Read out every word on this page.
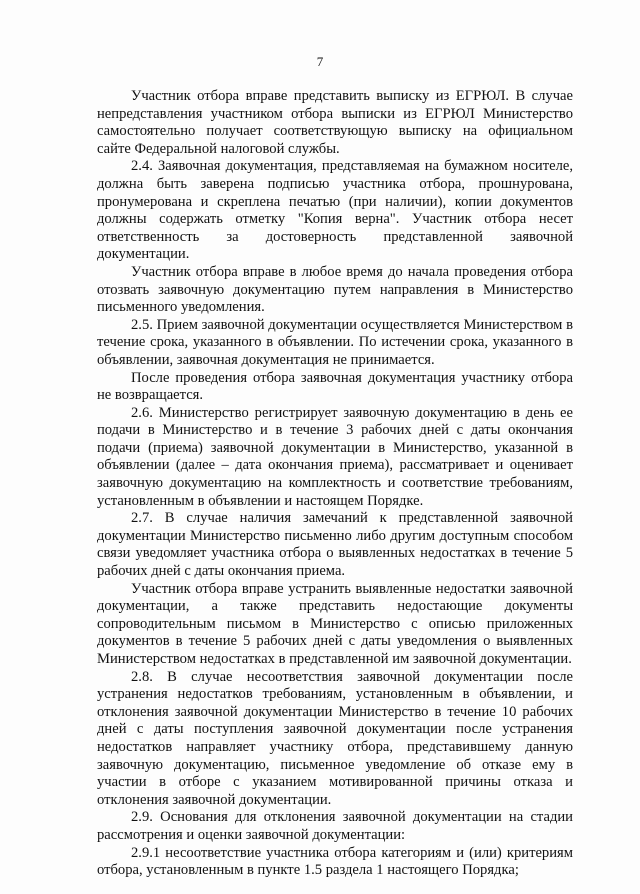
7

Участник отбора вправе представить выписку из ЕГРЮЛ. В случае непредставления участником отбора выписки из ЕГРЮЛ Министерство самостоятельно получает соответствующую выписку на официальном сайте Федеральной налоговой службы.

2.4. Заявочная документация, представляемая на бумажном носителе, должна быть заверена подписью участника отбора, прошнурована, пронумерована и скреплена печатью (при наличии), копии документов должны содержать отметку "Копия верна". Участник отбора несет ответственность за достоверность представленной заявочной документации.

Участник отбора вправе в любое время до начала проведения отбора отозвать заявочную документацию путем направления в Министерство письменного уведомления.

2.5. Прием заявочной документации осуществляется Министерством в течение срока, указанного в объявлении. По истечении срока, указанного в объявлении, заявочная документация не принимается.

После проведения отбора заявочная документация участнику отбора не возвращается.

2.6. Министерство регистрирует заявочную документацию в день ее подачи в Министерство и в течение 3 рабочих дней с даты окончания подачи (приема) заявочной документации в Министерство, указанной в объявлении (далее – дата окончания приема), рассматривает и оценивает заявочную документацию на комплектность и соответствие требованиям, установленным в объявлении и настоящем Порядке.

2.7. В случае наличия замечаний к представленной заявочной документации Министерство письменно либо другим доступным способом связи уведомляет участника отбора о выявленных недостатках в течение 5 рабочих дней с даты окончания приема.

Участник отбора вправе устранить выявленные недостатки заявочной документации, а также представить недостающие документы сопроводительным письмом в Министерство с описью приложенных документов в течение 5 рабочих дней с даты уведомления о выявленных Министерством недостатках в представленной им заявочной документации.

2.8. В случае несоответствия заявочной документации после устранения недостатков требованиям, установленным в объявлении, и отклонения заявочной документации Министерство в течение 10 рабочих дней с даты поступления заявочной документации после устранения недостатков направляет участнику отбора, представившему данную заявочную документацию, письменное уведомление об отказе ему в участии в отборе с указанием мотивированной причины отказа и отклонения заявочной документации.

2.9. Основания для отклонения заявочной документации на стадии рассмотрения и оценки заявочной документации:

2.9.1 несоответствие участника отбора категориям и (или) критериям отбора, установленным в пункте 1.5 раздела 1 настоящего Порядка;
